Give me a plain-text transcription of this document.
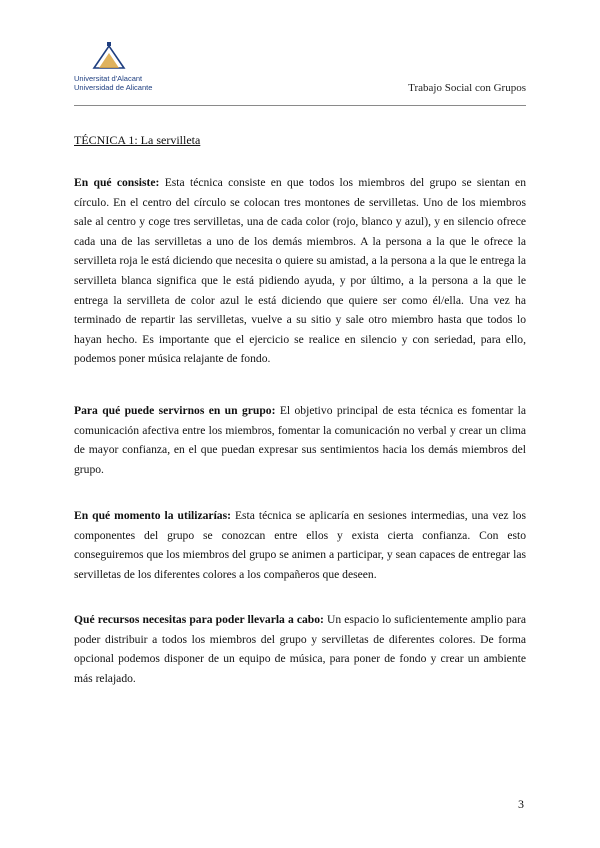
Universitat d'Alacant
Universidad de Alicante	Trabajo Social con Grupos
TÉCNICA 1: La servilleta

En qué consiste: Esta técnica consiste en que todos los miembros del grupo se sientan en círculo. En el centro del círculo se colocan tres montones de servilletas. Uno de los miembros sale al centro y coge tres servilletas, una de cada color (rojo, blanco y azul), y en silencio ofrece cada una de las servilletas a uno de los demás miembros. A la persona a la que le ofrece la servilleta roja le está diciendo que necesita o quiere su amistad, a la persona a la que le entrega la servilleta blanca significa que le está pidiendo ayuda, y por último, a la persona a la que le entrega la servilleta de color azul le está diciendo que quiere ser como él/ella. Una vez ha terminado de repartir las servilletas, vuelve a su sitio y sale otro miembro hasta que todos lo hayan hecho. Es importante que el ejercicio se realice en silencio y con seriedad, para ello, podemos poner música relajante de fondo.

Para qué puede servirnos en un grupo: El objetivo principal de esta técnica es fomentar la comunicación afectiva entre los miembros, fomentar la comunicación no verbal y crear un clima de mayor confianza, en el que puedan expresar sus sentimientos hacia los demás miembros del grupo.

En qué momento la utilizarías: Esta técnica se aplicaría en sesiones intermedias, una vez los componentes del grupo se conozcan entre ellos y exista cierta confianza. Con esto conseguiremos que los miembros del grupo se animen a participar, y sean capaces de entregar las servilletas de los diferentes colores a los compañeros que deseen.

Qué recursos necesitas para poder llevarla a cabo: Un espacio lo suficientemente amplio para poder distribuir a todos los miembros del grupo y servilletas de diferentes colores. De forma opcional podemos disponer de un equipo de música, para poner de fondo y crear un ambiente más relajado.

3
